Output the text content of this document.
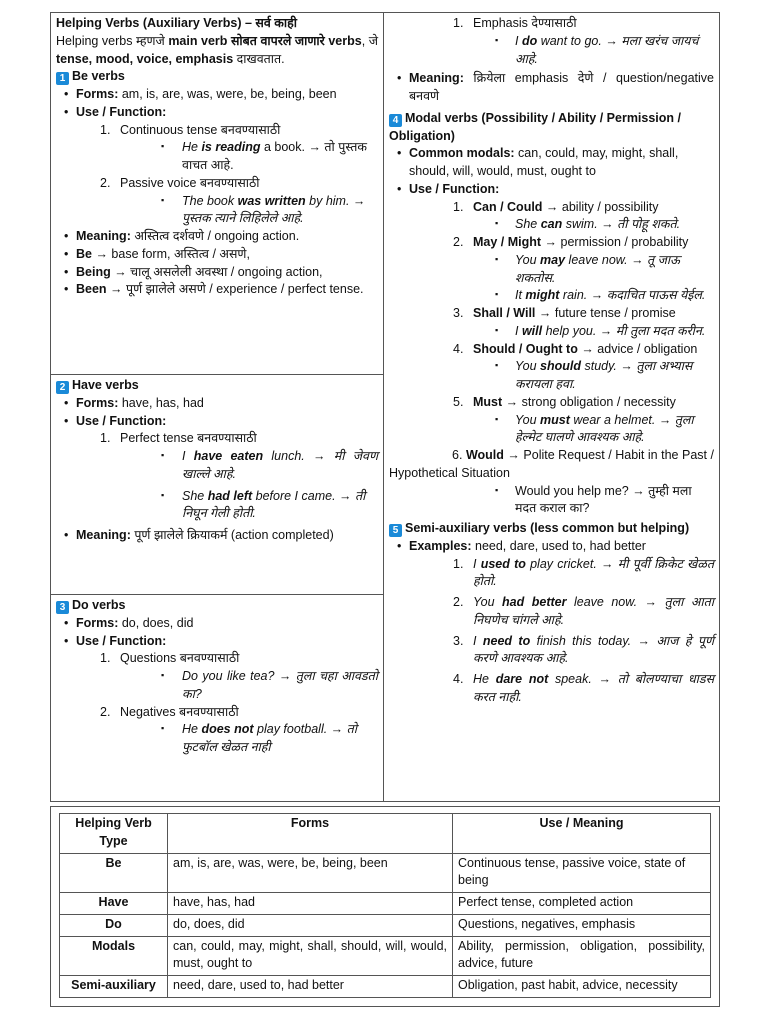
Helping Verbs (Auxiliary Verbs) – सर्व काही
Helping verbs म्हणजे main verb सोबत वापरले जाणारे verbs, जे tense, mood, voice, emphasis दाखवतात.
1 Be verbs
• Forms: am, is, are, was, were, be, being, been
• Use / Function:
1. Continuous tense बनवण्यासाठी
▪ He is reading a book. → तो पुस्तक वाचत आहे.
2. Passive voice बनवण्यासाठी
▪ The book was written by him. → पुस्तक त्याने लिहिलेले आहे.
• Meaning: अस्तित्व दर्शवणे / ongoing action.
• Be → base form, अस्तित्व / असणे,
• Being → चालू असलेली अवस्था / ongoing action,
• Been → पूर्ण झालेले असणे / experience / perfect tense.
2 Have verbs
• Forms: have, has, had
• Use / Function:
1. Perfect tense बनवण्यासाठी
▪ I have eaten lunch. → मी जेवण खाल्ले आहे.
▪ She had left before I came. → ती निघून गेली होती.
• Meaning: पूर्ण झालेले क्रियाकर्म (action completed)
3 Do verbs
• Forms: do, does, did
• Use / Function:
1. Questions बनवण्यासाठी
▪ Do you like tea? → तुला चहा आवडतो का?
2. Negatives बनवण्यासाठी
▪ He does not play football. → तो फुटबॉल खेळत नाही
1. Emphasis देण्यासाठी
▪ I do want to go. → मला खरंच जायचं आहे.
• Meaning: क्रियेला emphasis देणे / question/negative बनवणे
4 Modal verbs (Possibility / Ability / Permission / Obligation)
• Common modals: can, could, may, might, shall, should, will, would, must, ought to
• Use / Function:
1. Can / Could → ability / possibility
▪ She can swim. → ती पोहू शकते.
2. May / Might → permission / probability
▪ You may leave now. → तू जाऊ शकतोस.
▪ It might rain. → कदाचित पाऊस येईल.
3. Shall / Will → future tense / promise
▪ I will help you. → मी तुला मदत करीन.
4. Should / Ought to → advice / obligation
▪ You should study. → तुला अभ्यास करायला हवा.
5. Must → strong obligation / necessity
▪ You must wear a helmet. → तुला हेल्मेट घालणे आवश्यक आहे.
6. Would → Polite Request / Habit in the Past / Hypothetical Situation
▪ Would you help me? → तुम्ही मला मदत कराल का?
5 Semi-auxiliary verbs (less common but helping)
• Examples: need, dare, used to, had better
1. I used to play cricket. → मी पूर्वी क्रिकेट खेळत होतो.
2. You had better leave now. → तुला आता निघणेच चांगले आहे.
3. I need to finish this today. → आज हे पूर्ण करणे आवश्यक आहे.
4. He dare not speak. → तो बोलण्याचा धाडस करत नाही.
Helping Verb Type	Forms	Use / Meaning
Be	am, is, are, was, were, be, being, been	Continuous tense, passive voice, state of being
Have	have, has, had	Perfect tense, completed action
Do	do, does, did	Questions, negatives, emphasis
Modals	can, could, may, might, shall, should, will, would, must, ought to	Ability, permission, obligation, possibility, advice, future
Semi-auxiliary	need, dare, used to, had better	Obligation, past habit, advice, necessity
